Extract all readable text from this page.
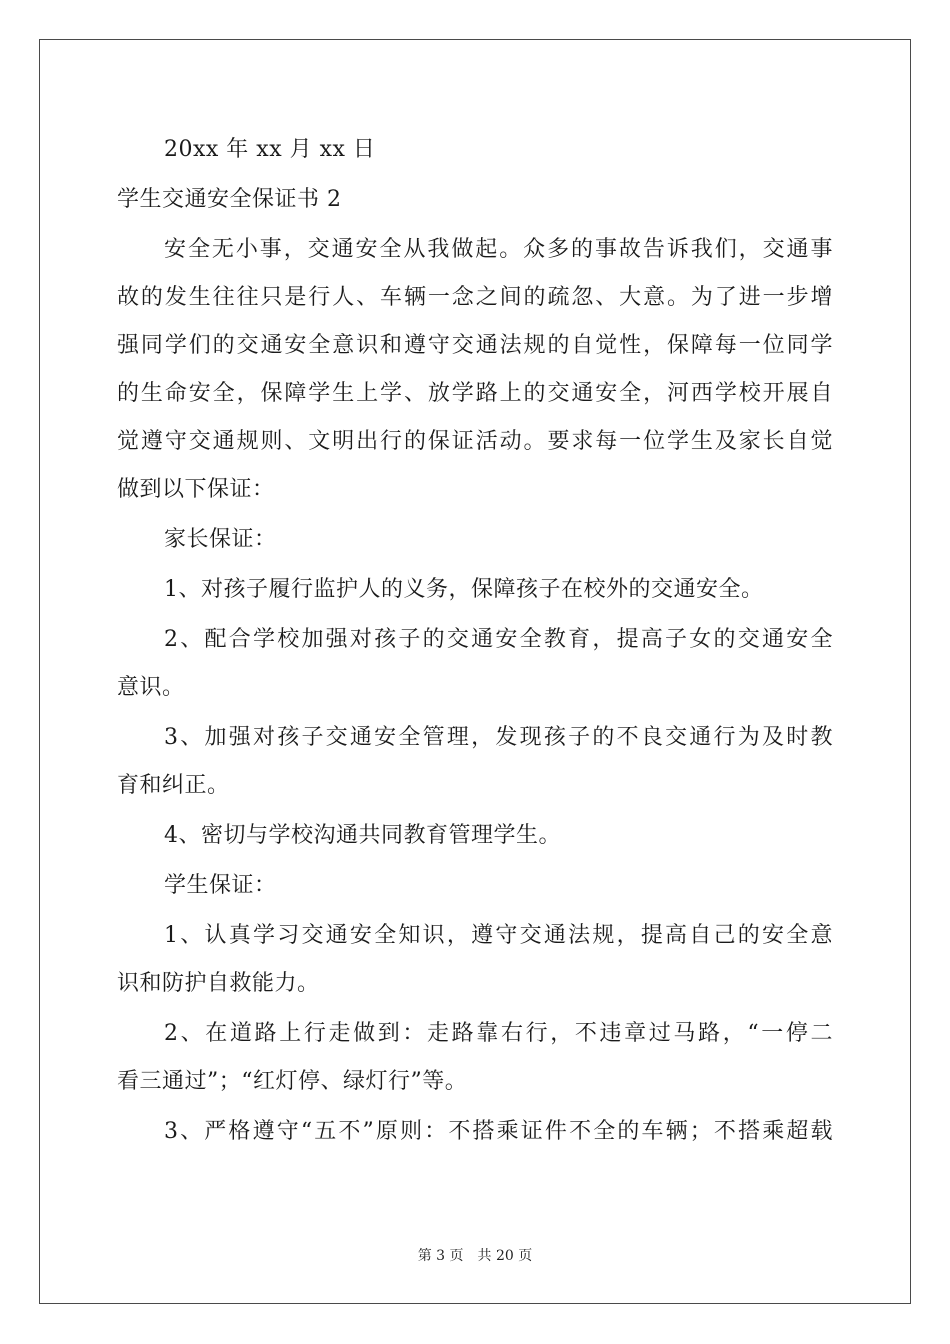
20xx 年 xx 月 xx 日

学生交通安全保证书 2

安全无小事，交通安全从我做起。众多的事故告诉我们，交通事

故的发生往往只是行人、车辆一念之间的疏忽、大意。为了进一步增

强同学们的交通安全意识和遵守交通法规的自觉性，保障每一位同学

的生命安全，保障学生上学、放学路上的交通安全，河西学校开展自

觉遵守交通规则、文明出行的保证活动。要求每一位学生及家长自觉

做到以下保证：

家长保证：

1、对孩子履行监护人的义务，保障孩子在校外的交通安全。

2、配合学校加强对孩子的交通安全教育，提高子女的交通安全

意识。

3、加强对孩子交通安全管理，发现孩子的不良交通行为及时教

育和纠正。

4、密切与学校沟通共同教育管理学生。

学生保证：

1、认真学习交通安全知识，遵守交通法规，提高自己的安全意

识和防护自救能力。

2、在道路上行走做到：走路靠右行，不违章过马路，“一停二

看三通过”；“红灯停、绿灯行”等。

3、严格遵守“五不”原则：不搭乘证件不全的车辆；不搭乘超载

第 3 页　共 20 页
